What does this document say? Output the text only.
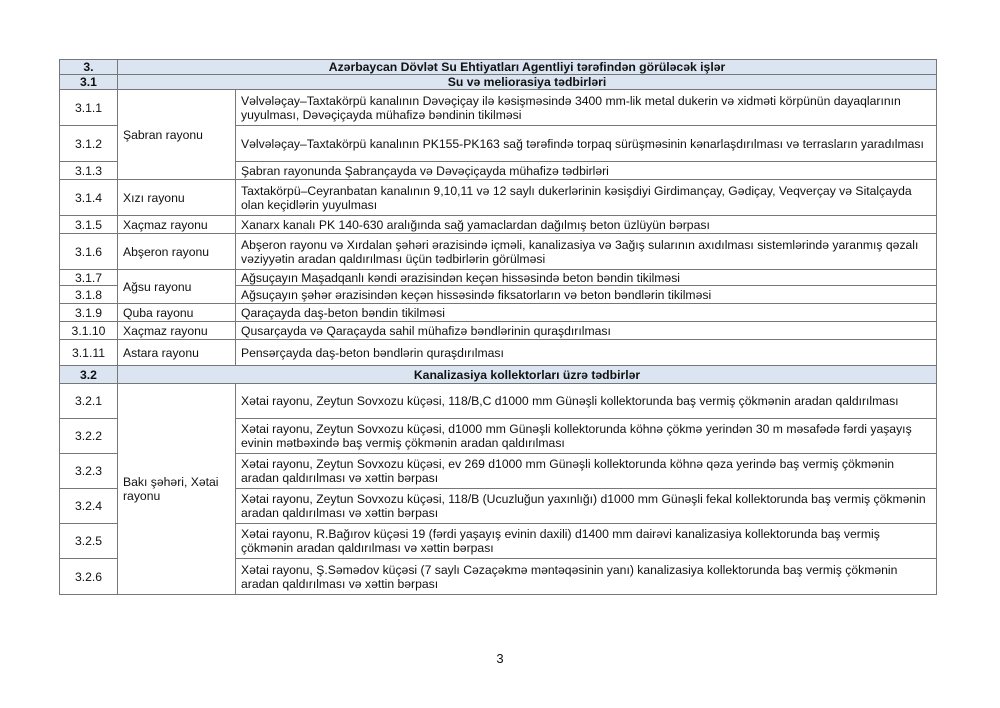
3.	Azərbaycan Dövlət Su Ehtiyatları Agentliyi tərəfindən görüləcək işlər	
3.1	Su və meliorasiya tədbirləri	
3.1.1	Şabran rayonu	Vəlvələçay–Taxtakörpü kanalının Dəvəçiçay ilə kəsişməsində 3400 mm-lik metal dukerin və xidməti körpünün dayaqlarının yuyulması, Dəvəçiçayda mühafizə bəndinin tikilməsi
3.1.2		Vəlvələçay–Taxtakörpü kanalının PK155-PK163 sağ tərəfində torpaq sürüşməsinin kənarlaşdırılması və terrasların yaradılması
3.1.3		Şabran rayonunda Şabrançayda və Dəvəçiçayda mühafizə tədbirləri
3.1.4	Xızı rayonu	Taxtakörpü–Ceyranbatan kanalının 9,10,11 və 12 saylı dukerlərinin kəsişdiyi Girdimançay, Gədiçay, Veqverçay və Sitalçayda olan keçidlərin yuyulması
3.1.5	Xaçmaz rayonu	Xanarx kanalı PK 140-630 aralığında sağ yamaclardan dağılmış beton üzlüyün bərpası
3.1.6	Abşeron rayonu	Abşeron rayonu və Xırdalan şəhəri ərazisində içməli, kanalizasiya və 3ağış sularının axıdılması sistemlərində yaranmış qəzalı vəziyyətin aradan qaldırılması üçün tədbirlərin görülməsi
3.1.7	Ağsu rayonu	Ağsuçayın Maşadqanlı kəndi ərazisindən keçən hissəsində beton bəndin tikilməsi
3.1.8		Ağsuçayın şəhər ərazisindən keçən hissəsində fiksatorların və beton bəndlərin tikilməsi
3.1.9	Quba rayonu	Qaraçayda daş-beton bəndin tikilməsi
3.1.10	Xaçmaz rayonu	Qusarçayda və Qaraçayda sahil mühafizə bəndlərinin quraşdırılması
3.1.11	Astara rayonu	Pensərçayda daş-beton bəndlərin quraşdırılması
3.2	Kanalizasiya kollektorları üzrə tədbirlər	
3.2.1	Bakı şəhəri, Xətai rayonu	Xətai rayonu, Zeytun Sovxozu küçəsi, 118/B,C d1000 mm Günəşli kollektorunda baş vermiş çökmənin aradan qaldırılması
3.2.2		Xətai rayonu, Zeytun Sovxozu küçəsi, d1000 mm Günəşli kollektorunda köhnə çökmə yerindən 30 m məsafədə fərdi yaşayış evinin mətbəxində baş vermiş çökmənin aradan qaldırılması
3.2.3		Xətai rayonu, Zeytun Sovxozu küçəsi, ev 269 d1000 mm Günəşli kollektorunda köhnə qəza yerində baş vermiş çökmənin aradan qaldırılması və xəttin bərpası
3.2.4		Xətai rayonu, Zeytun Sovxozu küçəsi, 118/B (Ucuzluğun yaxınlığı) d1000 mm Günəşli fekal kollektorunda baş vermiş çökmənin aradan qaldırılması və xəttin bərpası
3.2.5		Xətai rayonu, R.Bağırov küçəsi 19 (fərdi yaşayış evinin daxili) d1400 mm dairəvi kanalizasiya kollektorunda baş vermiş çökmənin aradan qaldırılması və xəttin bərpası
3.2.6		Xətai rayonu, Ş.Səmədov küçəsi (7 saylı Cəzaçəkmə məntəqəsinin yanı) kanalizasiya kollektorunda baş vermiş çökmənin aradan qaldırılması və xəttin bərpası
3
